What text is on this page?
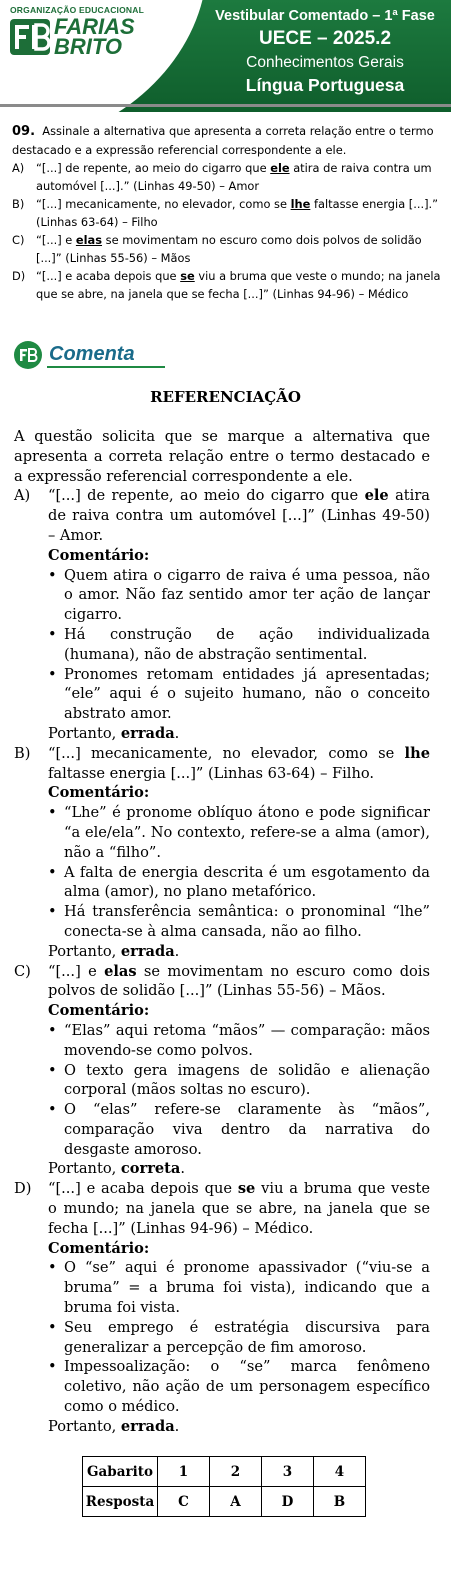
ORGANIZAÇÃO EDUCACIONAL
FARIAS
BRITO
Vestibular Comentado – 1ª Fase
UECE – 2025.2
Conhecimentos Gerais
Língua Portuguesa
09. Assinale a alternativa que apresenta a correta relação entre o termo destacado e a expressão referencial correspondente a ele.
A)	“[...] de repente, ao meio do cigarro que ele atira de raiva contra um automóvel [...].” (Linhas 49-50) – Amor
B)	“[...] mecanicamente, no elevador, como se lhe faltasse energia [...].” (Linhas 63-64) – Filho
C)	“[...] e elas se movimentam no escuro como dois polvos de solidão [...]” (Linhas 55-56) – Mãos
D) “[...] e acaba depois que se viu a bruma que veste o mundo; na janela que se abre, na janela que se fecha [...]” (Linhas 94-96) – Médico
Comenta
REFERENCIAÇÃO

A questão solicita que se marque a alternativa que apresenta a correta relação entre o termo destacado e a expressão referencial correspondente a ele.

A)	“[...] de repente, ao meio do cigarro que ele atira de raiva contra um automóvel [...]” (Linhas 49-50) – Amor.
Comentário:
• Quem atira o cigarro de raiva é uma pessoa, não o amor. Não faz sentido amor ter ação de lançar cigarro.
• Há construção de ação individualizada (humana), não de abstração sentimental.
• Pronomes retomam entidades já apresentadas; “ele” aqui é o sujeito humano, não o conceito abstrato amor.
Portanto, errada.
B)	“[...] mecanicamente, no elevador, como se lhe faltasse energia [...]” (Linhas 63-64) – Filho.
Comentário:
• “Lhe” é pronome oblíquo átono e pode significar “a ele/ela”. No contexto, refere-se a alma (amor), não a “filho”.
• A falta de energia descrita é um esgotamento da alma (amor), no plano metafórico.
• Há transferência semântica: o pronominal “lhe” conecta-se à alma cansada, não ao filho.
Portanto, errada.
C)	“[...] e elas se movimentam no escuro como dois polvos de solidão [...]” (Linhas 55-56) – Mãos.
Comentário:
• “Elas” aqui retoma “mãos” — comparação: mãos movendo-se como polvos.
• O texto gera imagens de solidão e alienação corporal (mãos soltas no escuro).
• O “elas” refere-se claramente às “mãos”, comparação viva dentro da narrativa do desgaste amoroso.
Portanto, correta.
D)	“[...] e acaba depois que se viu a bruma que veste o mundo; na janela que se abre, na janela que se fecha [...]” (Linhas 94-96) – Médico.
Comentário:
• O “se” aqui é pronome apassivador (“viu-se a bruma” = a bruma foi vista), indicando que a bruma foi vista.
• Seu emprego é estratégia discursiva para generalizar a percepção de fim amoroso.
• Impessoalização: o “se” marca fenômeno coletivo, não ação de um personagem específico como o médico.
Portanto, errada.
Gabarito	1	2	3	4
Resposta	C	A	D	B
